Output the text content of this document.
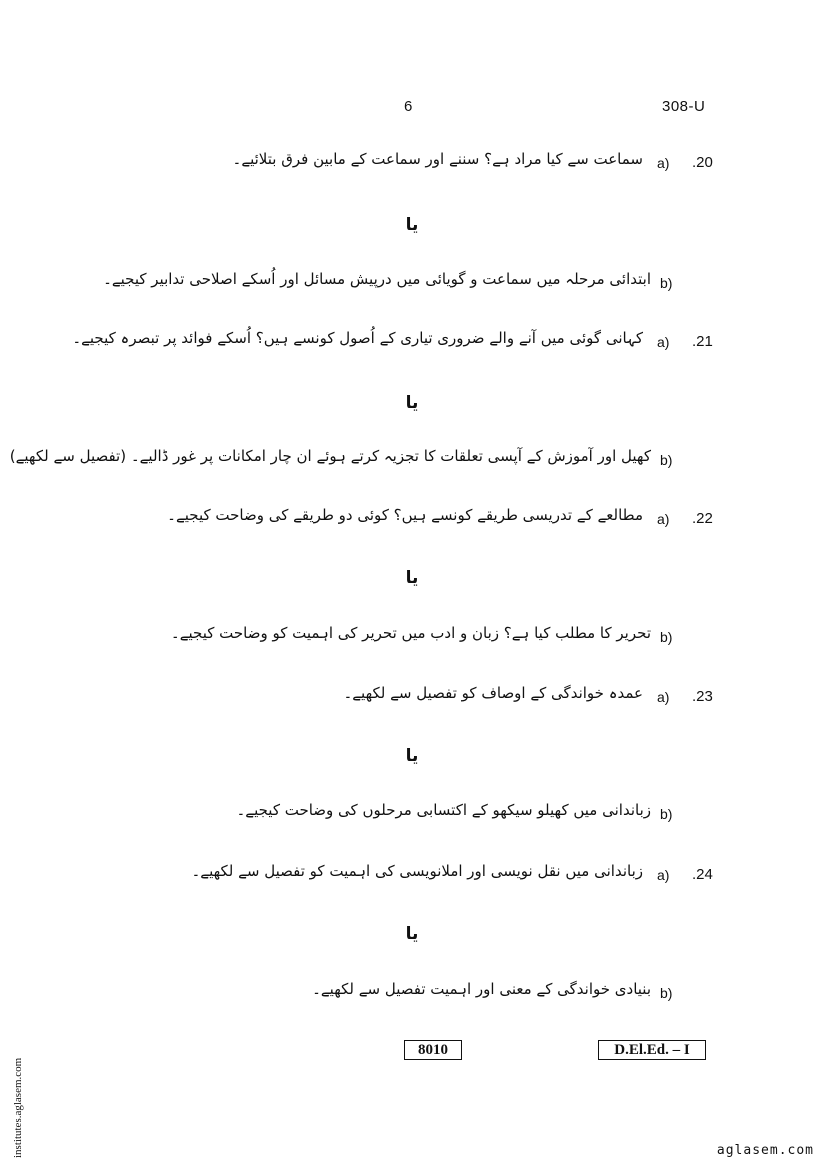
6	308-U
.20
a)
سماعت سے کیا مراد ہے؟ سننے اور سماعت کے مابین فرق بتلائیے۔
یا
b)
ابتدائی مرحلہ میں سماعت و گویائی میں درپیش مسائل اور اُسکے اصلاحی تدابیر کیجیے۔
.21
a)
کہانی گوئی میں آنے والے ضروری تیاری کے اُصول کونسے ہیں؟ اُسکے فوائد پر تبصرہ کیجیے۔
یا
b)
کھیل اور آموزش کے آپسی تعلقات کا تجزیہ کرتے ہوئے ان چار امکانات پر غور ڈالیے۔ (تفصیل سے لکھیے)
.22
a)
مطالعے کے تدریسی طریقے کونسے ہیں؟ کوئی دو طریقے کی وضاحت کیجیے۔
یا
b)
تحریر کا مطلب کیا ہے؟ زبان و ادب میں تحریر کی اہمیت کو وضاحت کیجیے۔
.23
a)
عمدہ خواندگی کے اوصاف کو تفصیل سے لکھیے۔
یا
b)
زباندانی میں کھیلو سیکھو کے اکتسابی مرحلوں کی وضاحت کیجیے۔
.24
a)
زباندانی میں نقل نویسی اور املانویسی کی اہمیت کو تفصیل سے لکھیے۔
یا
b)
بنیادی خواندگی کے معنی اور اہمیت تفصیل سے لکھیے۔
8010	D.El.Ed. – I
institutes.aglasem.com	aglasem.com
